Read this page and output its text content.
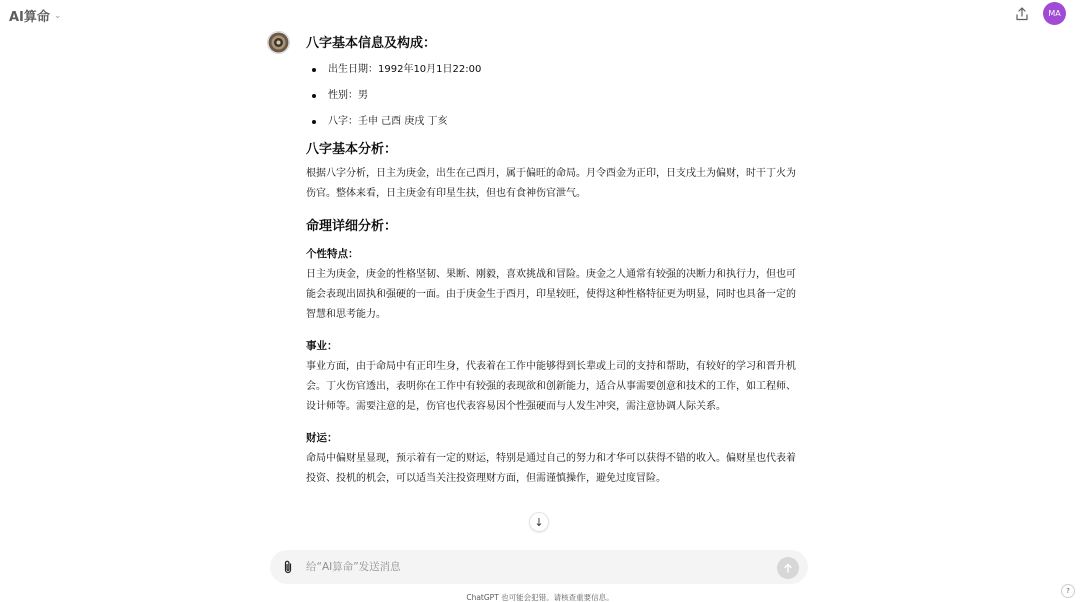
AI算命 ⌄	MA
八字基本信息及构成：
出生日期：1992年10月1日22:00
性别：男
八字：壬申 己酉 庚戌 丁亥
八字基本分析：

根据八字分析，日主为庚金，出生在己酉月，属于偏旺的命局。月令酉金为正印，日支戌土为偏财，时干丁火为伤官。整体来看，日主庚金有印星生扶，但也有食神伤官泄气。

命理详细分析：
个性特点：

日主为庚金，庚金的性格坚韧、果断、刚毅，喜欢挑战和冒险。庚金之人通常有较强的决断力和执行力，但也可能会表现出固执和强硬的一面。由于庚金生于酉月，印星较旺，使得这种性格特征更为明显，同时也具备一定的智慧和思考能力。

事业：

事业方面，由于命局中有正印生身，代表着在工作中能够得到长辈或上司的支持和帮助，有较好的学习和晋升机会。丁火伤官透出，表明你在工作中有较强的表现欲和创新能力，适合从事需要创意和技术的工作，如工程师、设计师等。需要注意的是，伤官也代表容易因个性强硬而与人发生冲突，需注意协调人际关系。

财运：

命局中偏财星显现，预示着有一定的财运，特别是通过自己的努力和才华可以获得不错的收入。偏财星也代表着投资、投机的机会，可以适当关注投资理财方面，但需谨慎操作，避免过度冒险。

↓
给“AI算命”发送消息
ChatGPT 也可能会犯错。请核查重要信息。
?
